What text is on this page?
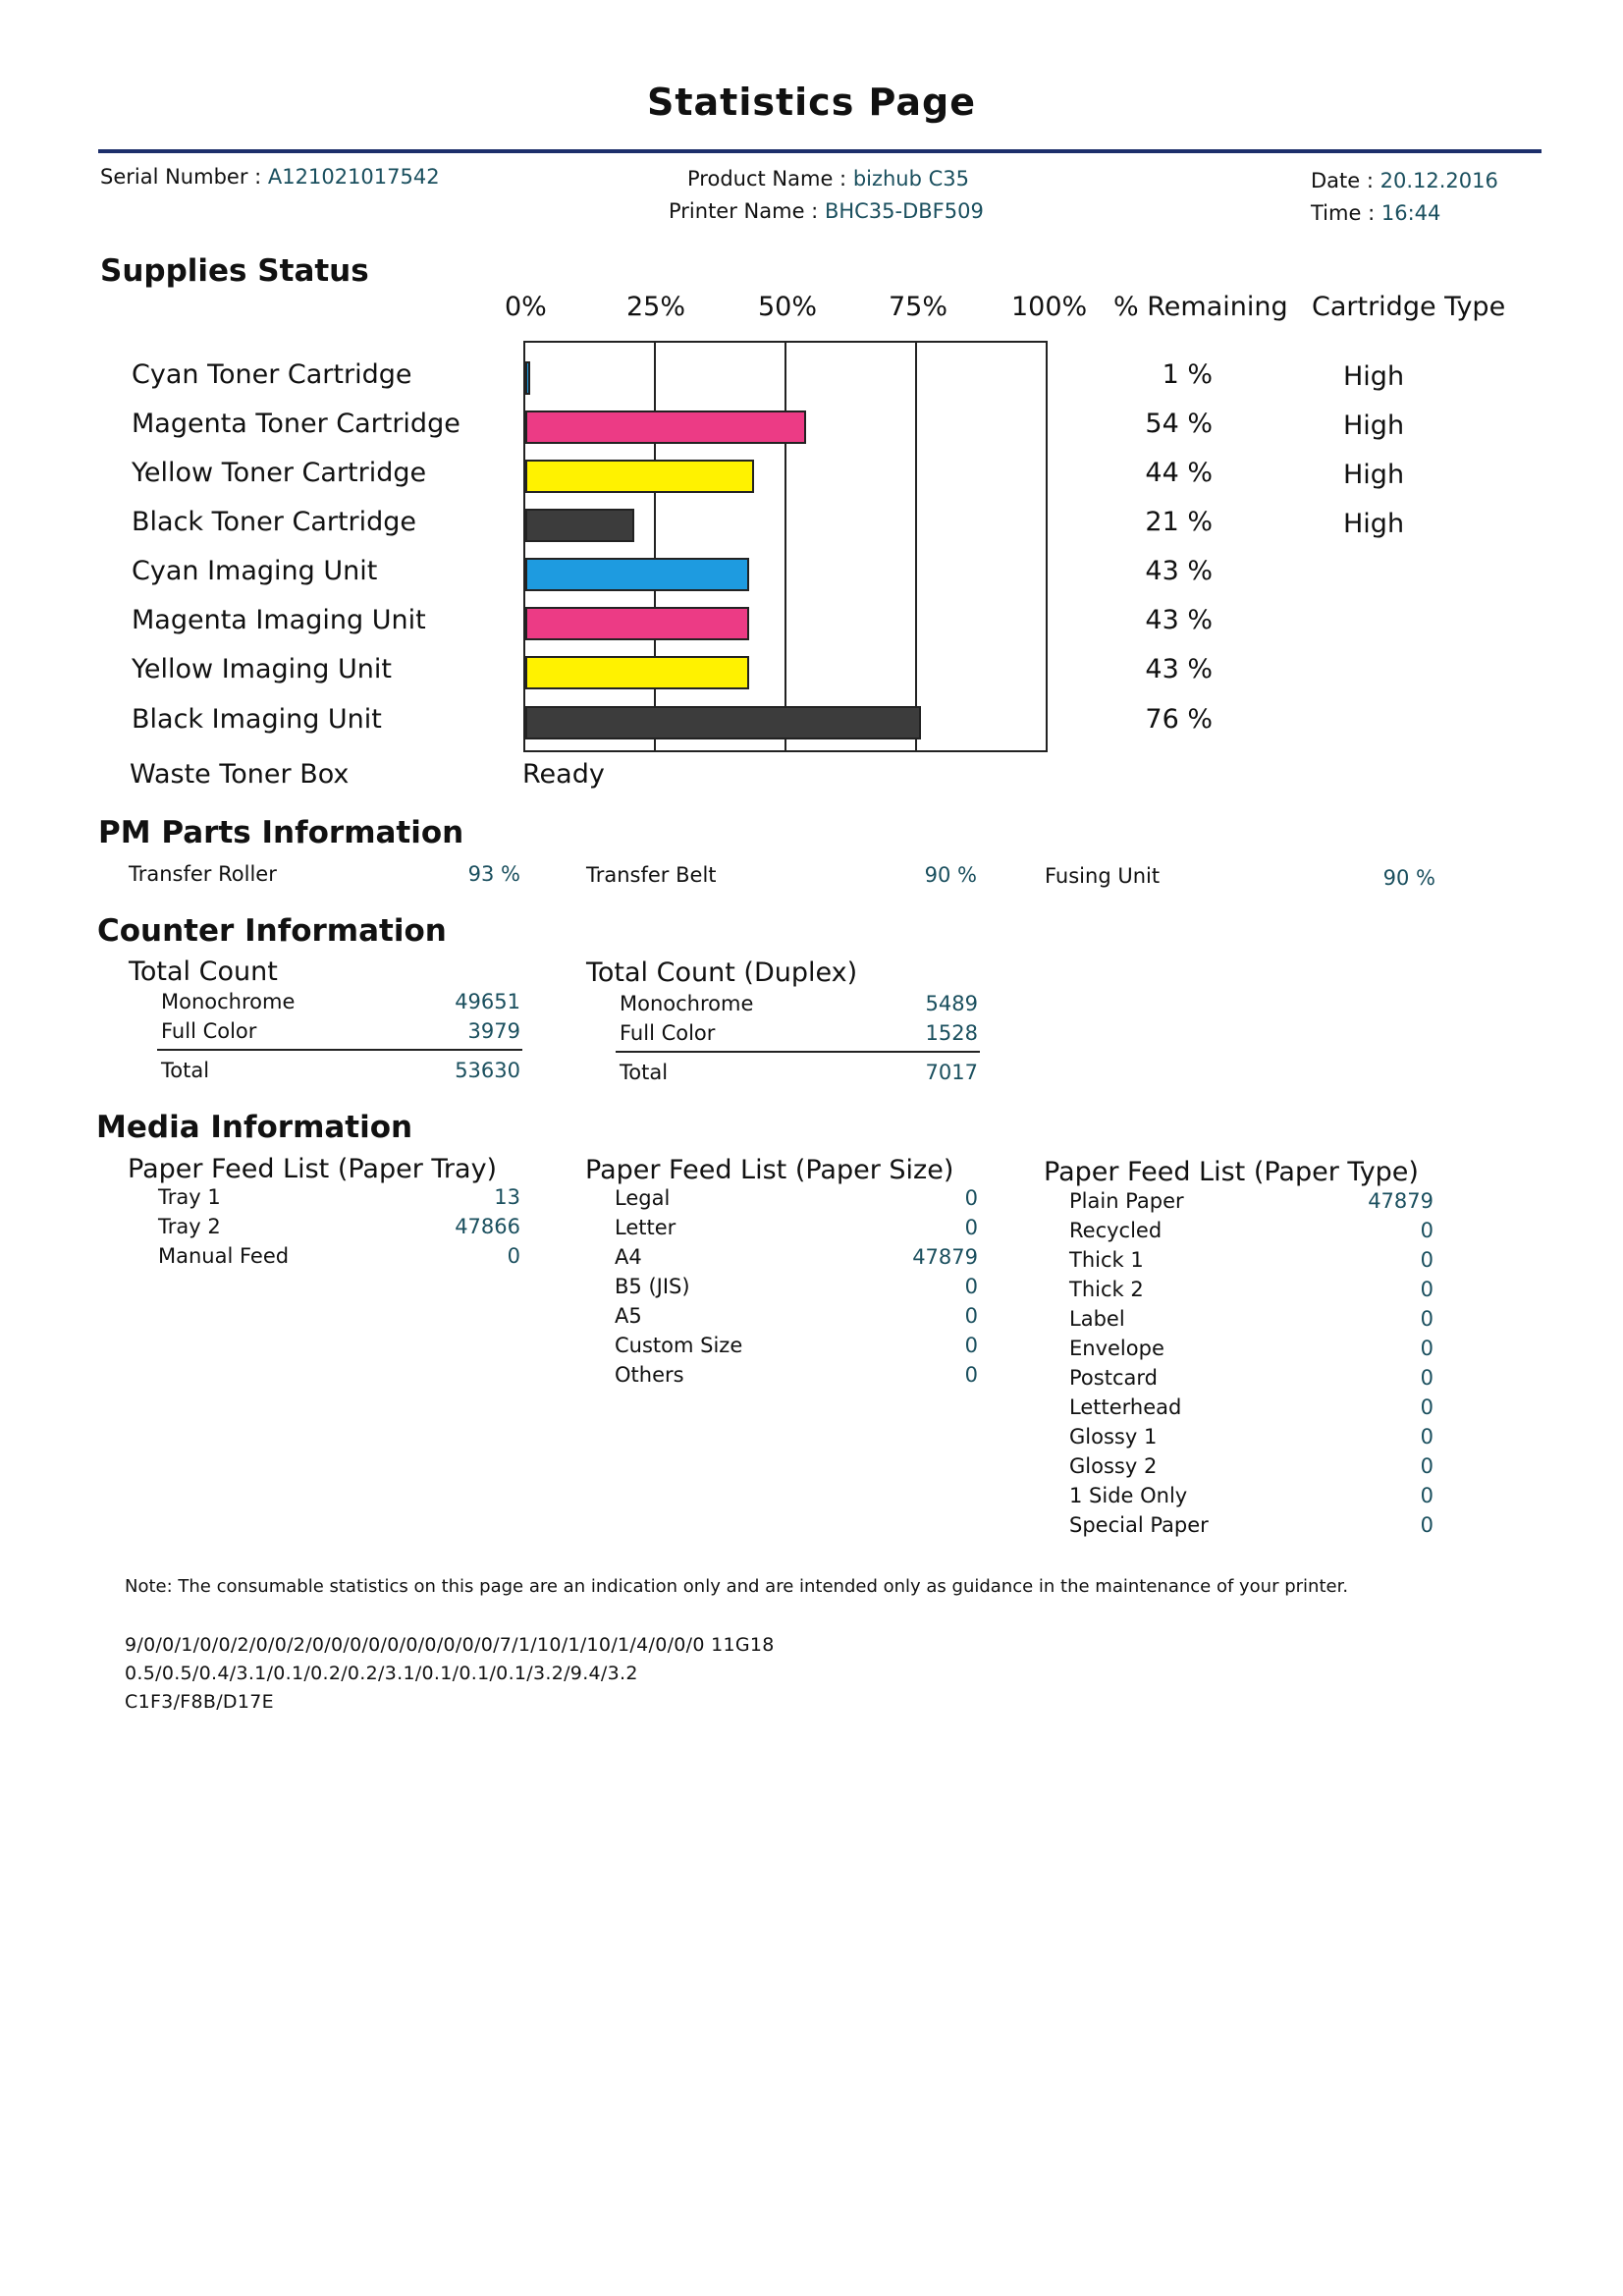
Statistics Page
Serial Number : A121021017542	Product Name : bizhub C35
Printer Name : BHC35-DBF509
Date : 20.12.2016
Time : 16:44
Supplies Status
0%	25%	50%	75% 100% % Remaining Cartridge Type
Cyan Toner Cartridge	1 %	High
Magenta Toner Cartridge	54 %	High
Yellow Toner Cartridge	44 %	High
Black Toner Cartridge	21 %	High
Cyan Imaging Unit	43 %
Magenta Imaging Unit	43 %
Yellow Imaging Unit	43 %
Black Imaging Unit	76 %
Waste Toner Box	Ready
PM Parts Information
Transfer Roller	93 %	Transfer Belt	90 %	Fusing Unit	90 %
Counter Information
Total Count
Monochrome	49651
Full Color	3979
Total	53630
Total Count (Duplex)
Monochrome	5489
Full Color	1528
Total	7017
Media Information
Paper Feed List (Paper Tray)	Paper Feed List (Paper Size)	Paper Feed List (Paper Type)
Tray 1	13
Tray 2	47866
Manual Feed	0
Legal	0
Letter	0
A4	47879
B5 (JIS)	0
A5	0
Custom Size	0
Others	0
Plain Paper	47879
Recycled	0
Thick 1	0
Thick 2	0
Label	0
Envelope	0
Postcard	0
Letterhead	0
Glossy 1	0
Glossy 2	0
1 Side Only	0
Special Paper	0
Note: The consumable statistics on this page are an indication only and are intended only as guidance in the maintenance of your printer.
9/0/0/1/0/0/2/0/0/2/0/0/0/0/0/0/0/0/0/0/7/1/10/1/10/1/4/0/0/0 11G18
0.5/0.5/0.4/3.1/0.1/0.2/0.2/3.1/0.1/0.1/0.1/3.2/9.4/3.2
C1F3/F8B/D17E
